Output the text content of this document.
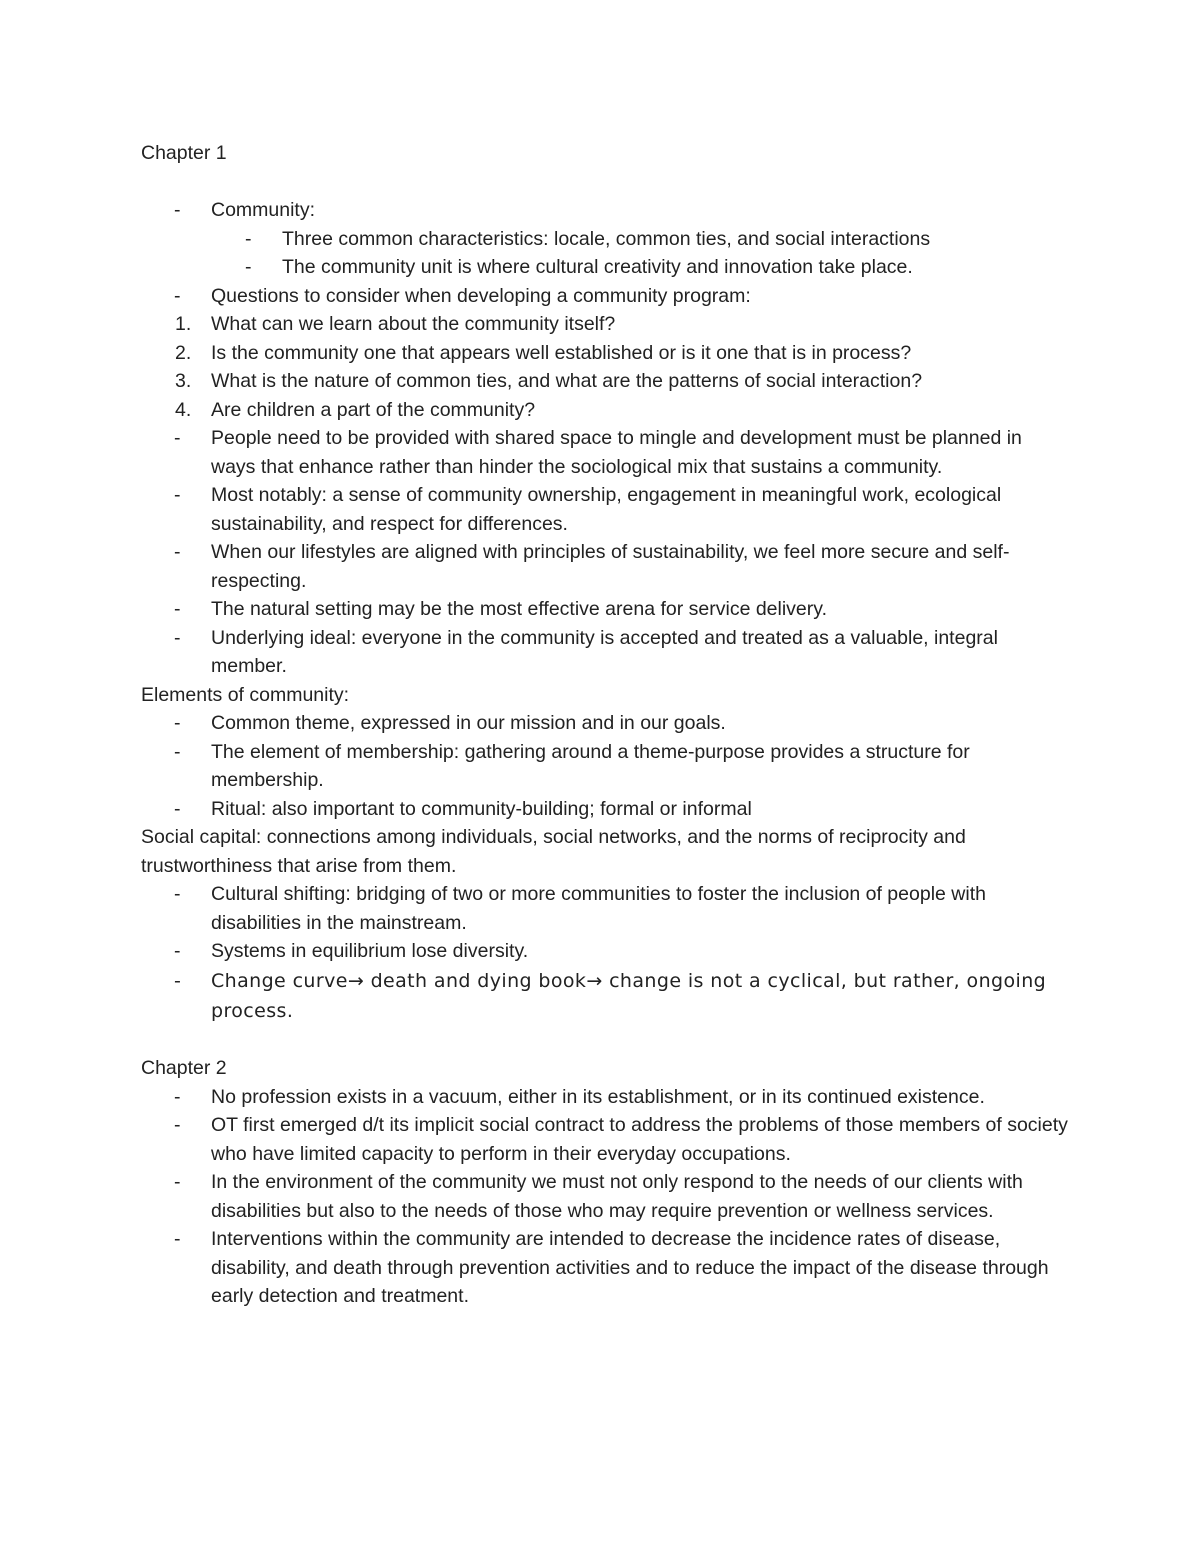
Chapter 1

- Community:
- Three common characteristics: locale, common ties, and social interactions
- The community unit is where cultural creativity and innovation take place.
- Questions to consider when developing a community program:
1. What can we learn about the community itself?
2. Is the community one that appears well established or is it one that is in process?
3. What is the nature of common ties, and what are the patterns of social interaction?
4. Are children a part of the community?
- People need to be provided with shared space to mingle and development must be planned in ways that enhance rather than hinder the sociological mix that sustains a community.
- Most notably: a sense of community ownership, engagement in meaningful work, ecological sustainability, and respect for differences.
- When our lifestyles are aligned with principles of sustainability, we feel more secure and self-respecting.
- The natural setting may be the most effective arena for service delivery.
- Underlying ideal: everyone in the community is accepted and treated as a valuable, integral member.

Elements of community:

- Common theme, expressed in our mission and in our goals.
- The element of membership: gathering around a theme-purpose provides a structure for membership.
- Ritual: also important to community-building; formal or informal

Social capital: connections among individuals, social networks, and the norms of reciprocity and trustworthiness that arise from them.

- Cultural shifting: bridging of two or more communities to foster the inclusion of people with disabilities in the mainstream.
- Systems in equilibrium lose diversity.
- Change curve→ death and dying book→ change is not a cyclical, but rather, ongoing process.

Chapter 2

- No profession exists in a vacuum, either in its establishment, or in its continued existence.
- OT first emerged d/t its implicit social contract to address the problems of those members of society who have limited capacity to perform in their everyday occupations.
- In the environment of the community we must not only respond to the needs of our clients with disabilities but also to the needs of those who may require prevention or wellness services.
- Interventions within the community are intended to decrease the incidence rates of disease, disability, and death through prevention activities and to reduce the impact of the disease through early detection and treatment.
